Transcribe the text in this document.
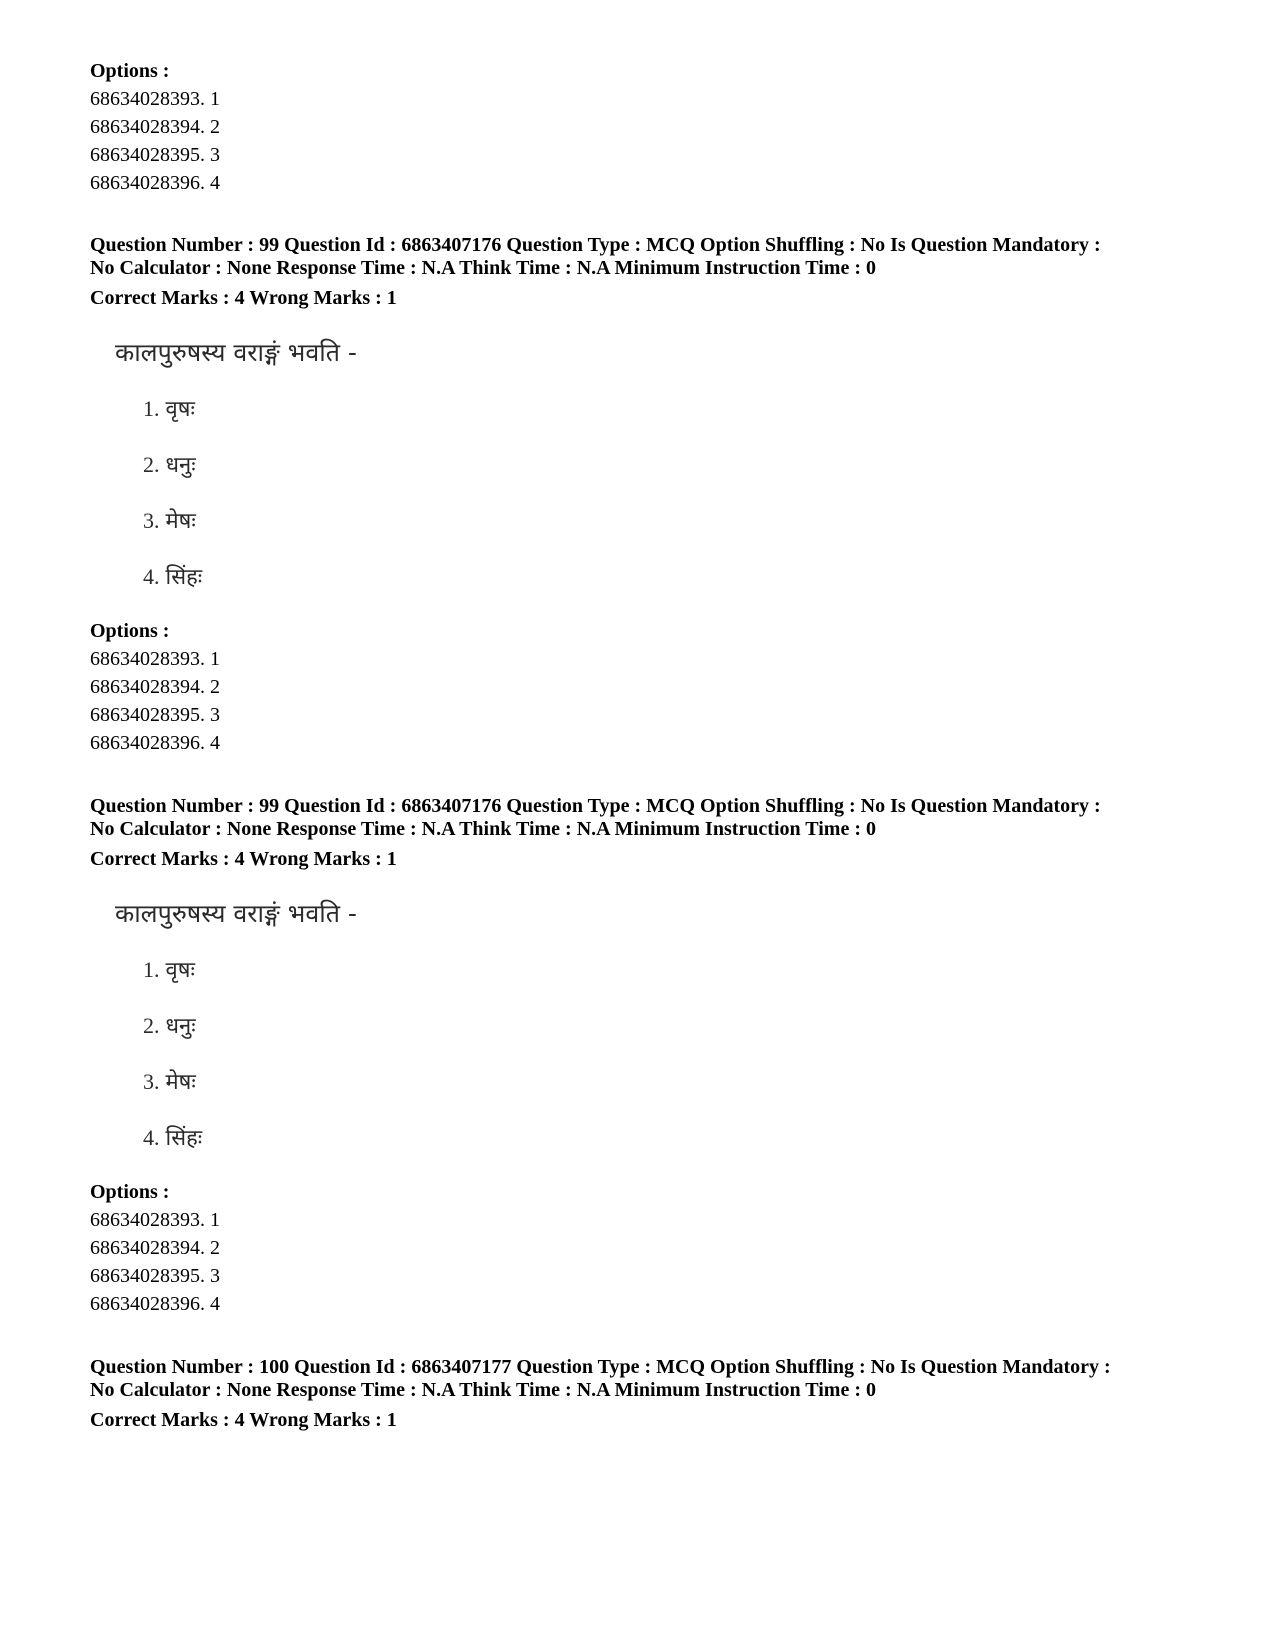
Options :
68634028393. 1
68634028394. 2
68634028395. 3
68634028396. 4
Question Number : 99 Question Id : 6863407176 Question Type : MCQ Option Shuffling : No Is Question Mandatory :
No Calculator : None Response Time : N.A Think Time : N.A Minimum Instruction Time : 0
Correct Marks : 4 Wrong Marks : 1
कालपुरुषस्य वराङ्गं भवति -
1. वृषः
2. धनुः
3. मेषः
4. सिंहः
Options :
68634028393. 1
68634028394. 2
68634028395. 3
68634028396. 4
Question Number : 99 Question Id : 6863407176 Question Type : MCQ Option Shuffling : No Is Question Mandatory :
No Calculator : None Response Time : N.A Think Time : N.A Minimum Instruction Time : 0
Correct Marks : 4 Wrong Marks : 1
कालपुरुषस्य वराङ्गं भवति -
1. वृषः
2. धनुः
3. मेषः
4. सिंहः
Options :
68634028393. 1
68634028394. 2
68634028395. 3
68634028396. 4
Question Number : 100 Question Id : 6863407177 Question Type : MCQ Option Shuffling : No Is Question Mandatory :
No Calculator : None Response Time : N.A Think Time : N.A Minimum Instruction Time : 0
Correct Marks : 4 Wrong Marks : 1
